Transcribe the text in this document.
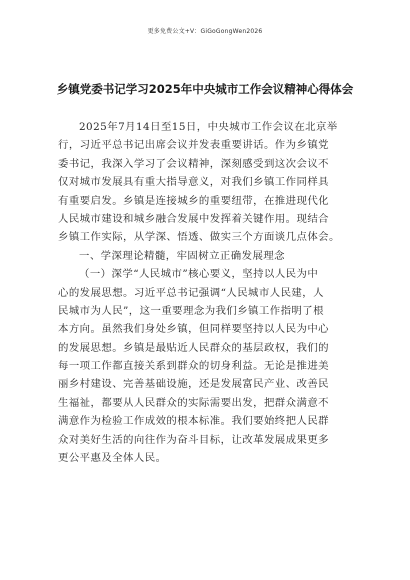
更多免费公文+V：GiGoGongWen2026
乡镇党委书记学习2025年中央城市工作会议精神心得体会
2025年7月14日至15日，中央城市工作会议在北京举
行，习近平总书记出席会议并发表重要讲话。作为乡镇党
委书记，我深入学习了会议精神，深刻感受到这次会议不
仅对城市发展具有重大指导意义，对我们乡镇工作同样具
有重要启发。乡镇是连接城乡的重要纽带，在推进现代化
人民城市建设和城乡融合发展中发挥着关键作用。现结合
乡镇工作实际，从学深、悟透、做实三个方面谈几点体会。
一、学深理论精髓，牢固树立正确发展理念
（一）深学“人民城市”核心要义，坚持以人民为中
心的发展思想。习近平总书记强调“人民城市人民建，人
民城市为人民”，这一重要理念为我们乡镇工作指明了根
本方向。虽然我们身处乡镇，但同样要坚持以人民为中心
的发展思想。乡镇是最贴近人民群众的基层政权，我们的
每一项工作都直接关系到群众的切身利益。无论是推进美
丽乡村建设、完善基础设施，还是发展富民产业、改善民
生福祉，都要从人民群众的实际需要出发，把群众满意不
满意作为检验工作成效的根本标准。我们要始终把人民群
众对美好生活的向往作为奋斗目标，让改革发展成果更多
更公平惠及全体人民。
